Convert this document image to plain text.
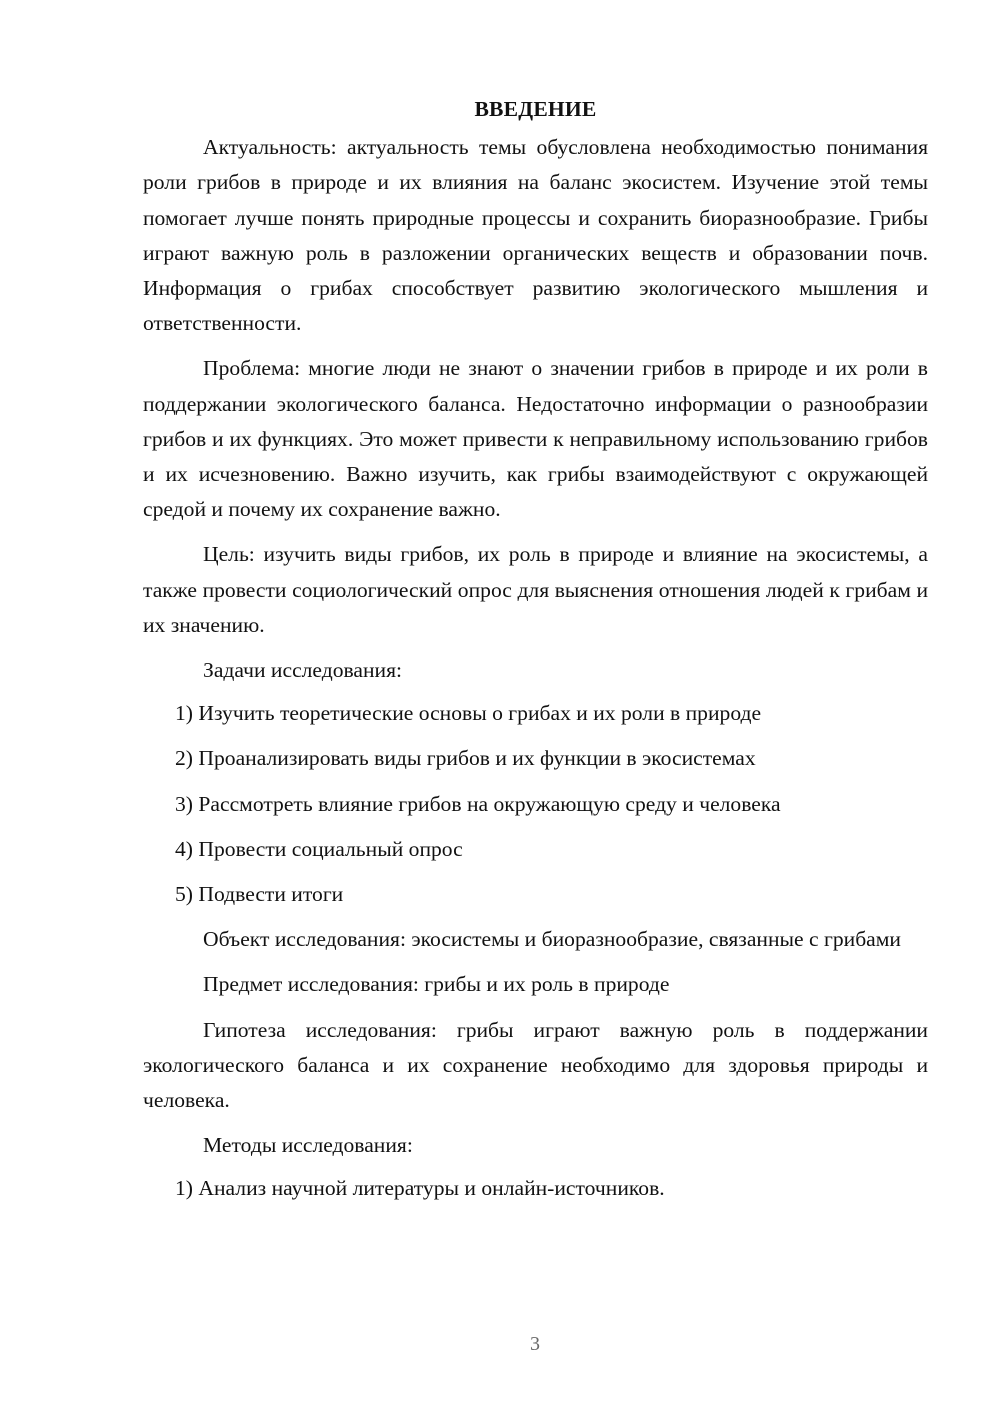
ВВЕДЕНИЕ

Актуальность: актуальность темы обусловлена необходимостью понимания роли грибов в природе и их влияния на баланс экосистем. Изучение этой темы помогает лучше понять природные процессы и сохранить биоразнообразие. Грибы играют важную роль в разложении органических веществ и образовании почв. Информация о грибах способствует развитию экологического мышления и ответственности.

Проблема: многие люди не знают о значении грибов в природе и их роли в поддержании экологического баланса. Недостаточно информации о разнообразии грибов и их функциях. Это может привести к неправильному использованию грибов и их исчезновению. Важно изучить, как грибы взаимодействуют с окружающей средой и почему их сохранение важно.

Цель: изучить виды грибов, их роль в природе и влияние на экосистемы, а также провести социологический опрос для выяснения отношения людей к грибам и их значению.

Задачи исследования:

1) Изучить теоретические основы о грибах и их роли в природе
2) Проанализировать виды грибов и их функции в экосистемах
3) Рассмотреть влияние грибов на окружающую среду и человека
4) Провести социальный опрос
5) Подвести итоги

Объект исследования: экосистемы и биоразнообразие, связанные с грибами

Предмет исследования: грибы и их роль в природе

Гипотеза исследования: грибы играют важную роль в поддержании экологического баланса и их сохранение необходимо для здоровья природы и человека.

Методы исследования:

1) Анализ научной литературы и онлайн-источников.
3
